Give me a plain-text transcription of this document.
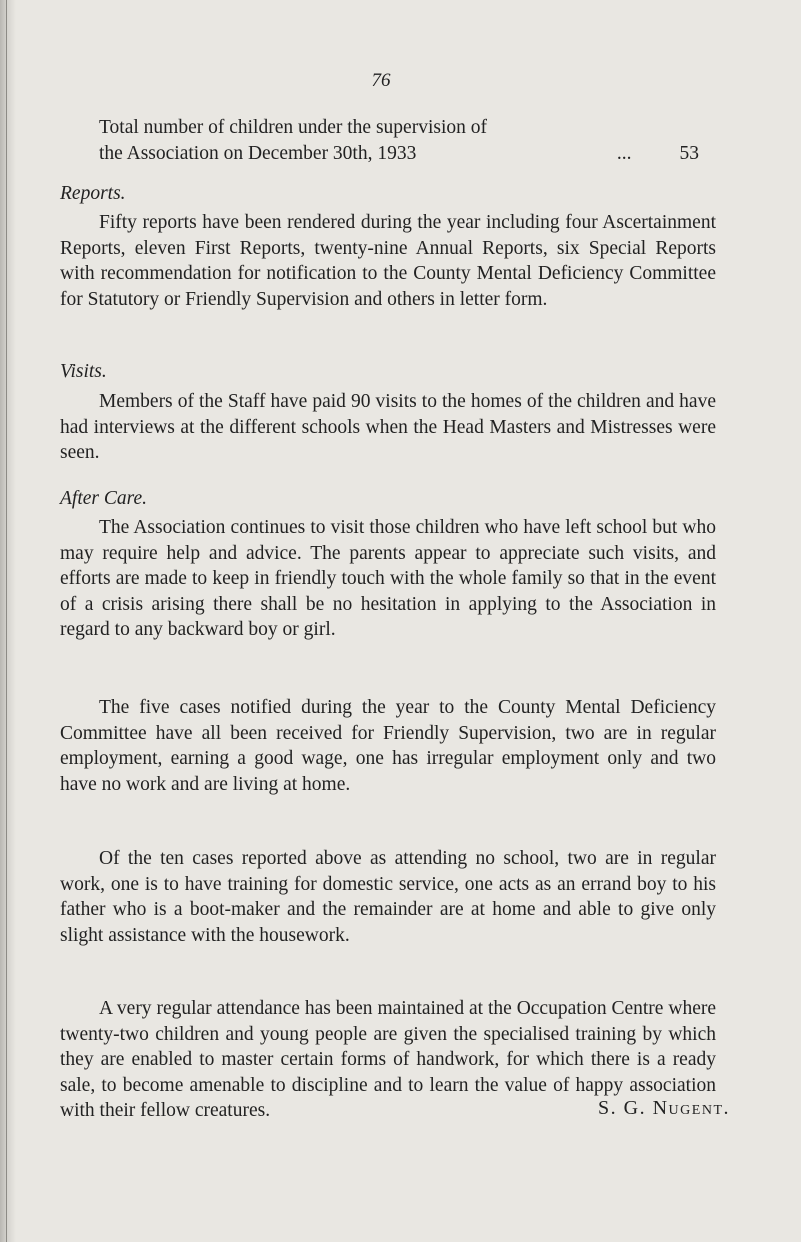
76
Total number of children under the supervision of
the Association on December 30th, 1933	... 53
Reports.
Fifty reports have been rendered during the year including four Ascertainment Reports, eleven First Reports, twenty-nine Annual Reports, six Special Reports with recommendation for notification to the County Mental Deficiency Committee for Statutory or Friendly Supervision and others in letter form.
Visits.
Members of the Staff have paid 90 visits to the homes of the children and have had interviews at the different schools when the Head Masters and Mistresses were seen.
After Care.
The Association continues to visit those children who have left school but who may require help and advice. The parents appear to appreciate such visits, and efforts are made to keep in friendly touch with the whole family so that in the event of a crisis arising there shall be no hesitation in applying to the Association in regard to any backward boy or girl.
The five cases notified during the year to the County Mental Deficiency Committee have all been received for Friendly Supervision, two are in regular employment, earning a good wage, one has irregular employment only and two have no work and are living at home.
Of the ten cases reported above as attending no school, two are in regular work, one is to have training for domestic service, one acts as an errand boy to his father who is a boot-maker and the remainder are at home and able to give only slight assistance with the housework.
A very regular attendance has been maintained at the Occupation Centre where twenty-two children and young people are given the specialised training by which they are enabled to master certain forms of handwork, for which there is a ready sale, to become amenable to discipline and to learn the value of happy association with their fellow creatures.	S. G. Nugent.
